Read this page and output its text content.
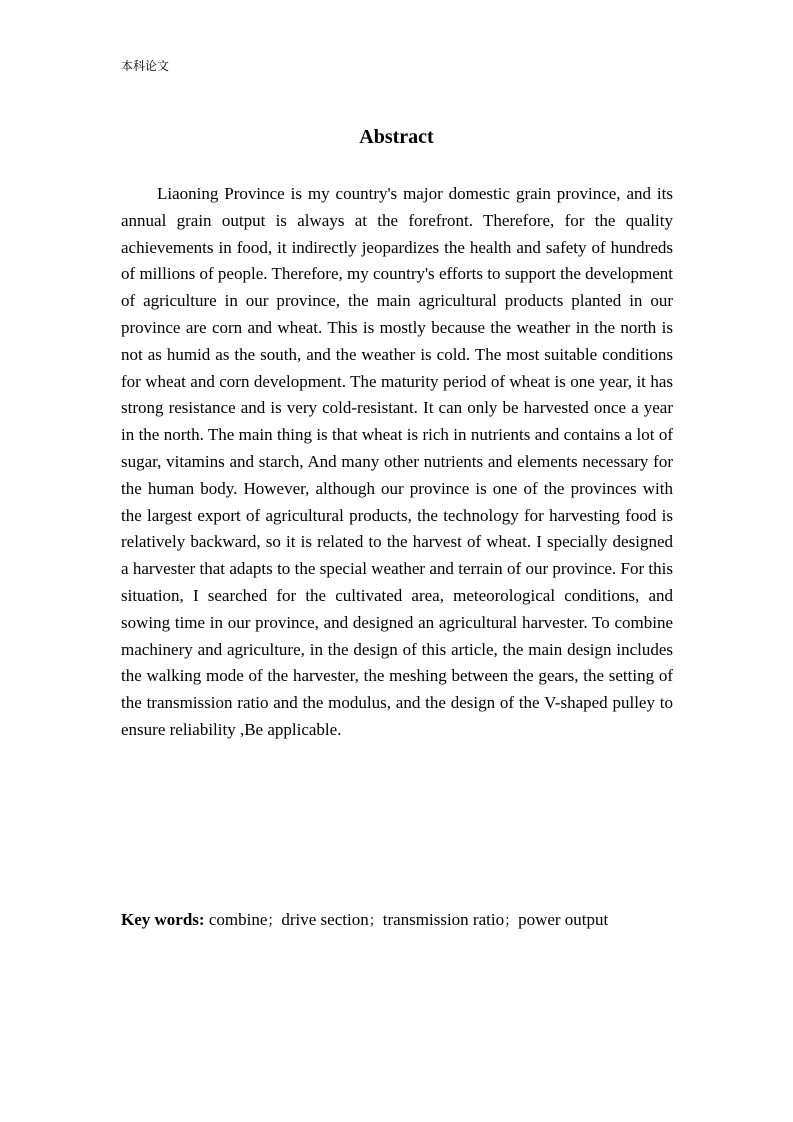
本科论文
Abstract

Liaoning Province is my country's major domestic grain province, and its annual grain output is always at the forefront. Therefore, for the quality achievements in food, it indirectly jeopardizes the health and safety of hundreds of millions of people. Therefore, my country's efforts to support the development of agriculture in our province, the main agricultural products planted in our province are corn and wheat. This is mostly because the weather in the north is not as humid as the south, and the weather is cold. The most suitable conditions for wheat and corn development. The maturity period of wheat is one year, it has strong resistance and is very cold-resistant. It can only be harvested once a year in the north. The main thing is that wheat is rich in nutrients and contains a lot of sugar, vitamins and starch, And many other nutrients and elements necessary for the human body. However, although our province is one of the provinces with the largest export of agricultural products, the technology for harvesting food is relatively backward, so it is related to the harvest of wheat. I specially designed a harvester that adapts to the special weather and terrain of our province. For this situation, I searched for the cultivated area, meteorological conditions, and sowing time in our province, and designed an agricultural harvester. To combine machinery and agriculture, in the design of this article, the main design includes the walking mode of the harvester, the meshing between the gears, the setting of the transmission ratio and the modulus, and the design of the V-shaped pulley to ensure reliability ,Be applicable.

Key words: combine；drive section；transmission ratio；power output
